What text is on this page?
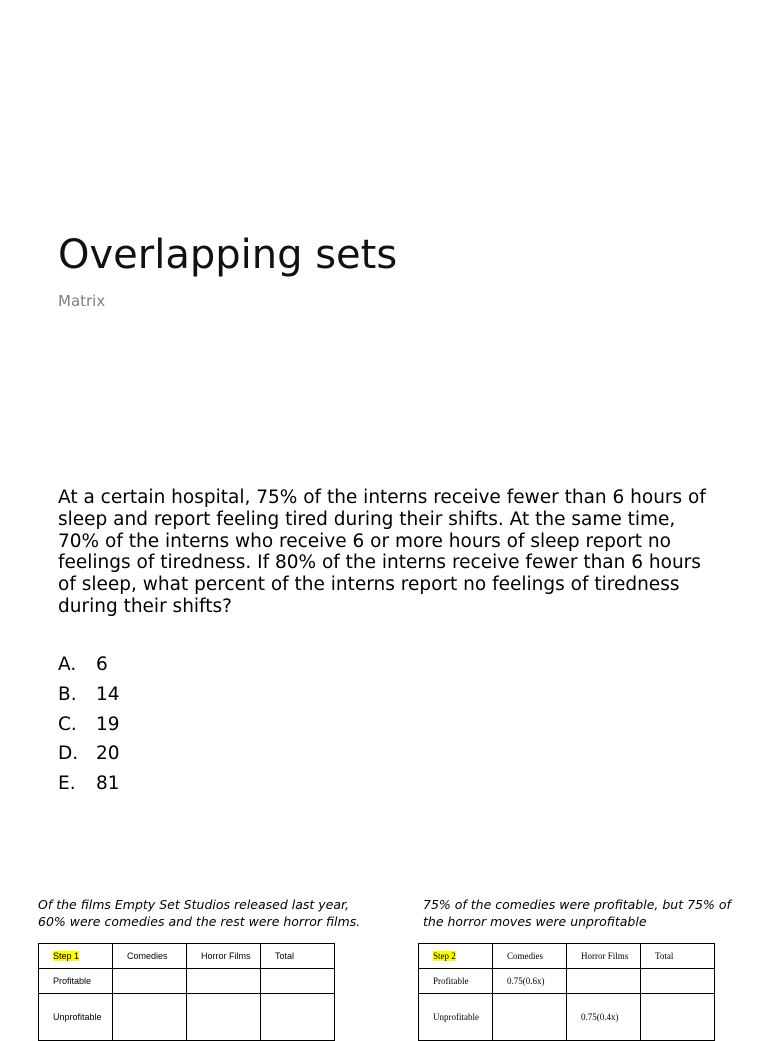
Overlapping sets
Matrix
At a certain hospital, 75% of the interns receive fewer than 6 hours of sleep and report feeling tired during their shifts. At the same time, 70% of the interns who receive 6 or more hours of sleep report no feelings of tiredness. If 80% of the interns receive fewer than 6 hours of sleep, what percent of the interns report no feelings of tiredness during their shifts?
A.	6
B.	14
C.	19
D. 20
E.	81
Of the films Empty Set Studios released last year, 60% were comedies and the rest were horror films.
75% of the comedies were profitable, but 75% of the horror moves were unprofitable
Step 1	Comedies	Horror Films	Total
Profitable			
Unprofitable			
Step 2	Comedies	Horror Films	Total
Profitable	0.75(0.6x)		
Unprofitable		0.75(0.4x)	
